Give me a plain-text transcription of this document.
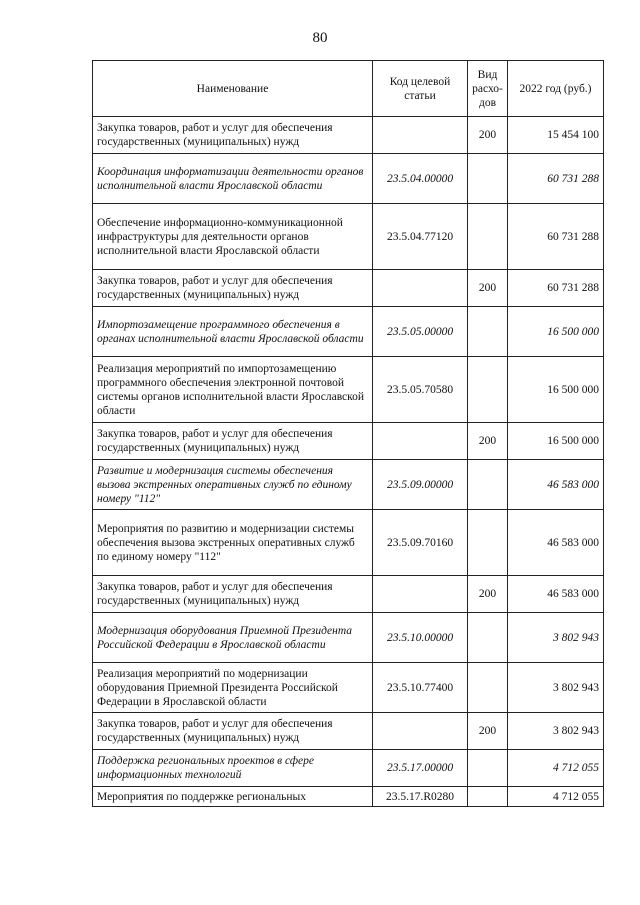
80
Наименование	Код целевой статьи	Вид расхо-дов	2022 год (руб.)
Закупка товаров, работ и услуг для обеспечения государственных (муниципальных) нужд		200	15 454 100
Координация информатизации деятельности органов исполнительной власти Ярославской области	23.5.04.00000		60 731 288
Обеспечение информационно-коммуникационной инфраструктуры для деятельности органов исполнительной власти Ярославской области	23.5.04.77120		60 731 288
Закупка товаров, работ и услуг для обеспечения государственных (муниципальных) нужд		200	60 731 288
Импортозамещение программного обеспечения в органах исполнительной власти Ярославской области	23.5.05.00000		16 500 000
Реализация мероприятий по импортозамещению программного обеспечения электронной почтовой системы органов исполнительной власти Ярославской области	23.5.05.70580		16 500 000
Закупка товаров, работ и услуг для обеспечения государственных (муниципальных) нужд		200	16 500 000
Развитие и модернизация системы обеспечения вызова экстренных оперативных служб по единому номеру "112"	23.5.09.00000		46 583 000
Мероприятия по развитию и модернизации системы обеспечения вызова экстренных оперативных служб по единому номеру "112"	23.5.09.70160		46 583 000
Закупка товаров, работ и услуг для обеспечения государственных (муниципальных) нужд		200	46 583 000
Модернизация оборудования Приемной Президента Российской Федерации в Ярославской области	23.5.10.00000		3 802 943
Реализация мероприятий по модернизации оборудования Приемной Президента Российской Федерации в Ярославской области	23.5.10.77400		3 802 943
Закупка товаров, работ и услуг для обеспечения государственных (муниципальных) нужд		200	3 802 943
Поддержка региональных проектов в сфере информационных технологий	23.5.17.00000		4 712 055
Мероприятия по поддержке региональных	23.5.17.R0280		4 712 055
